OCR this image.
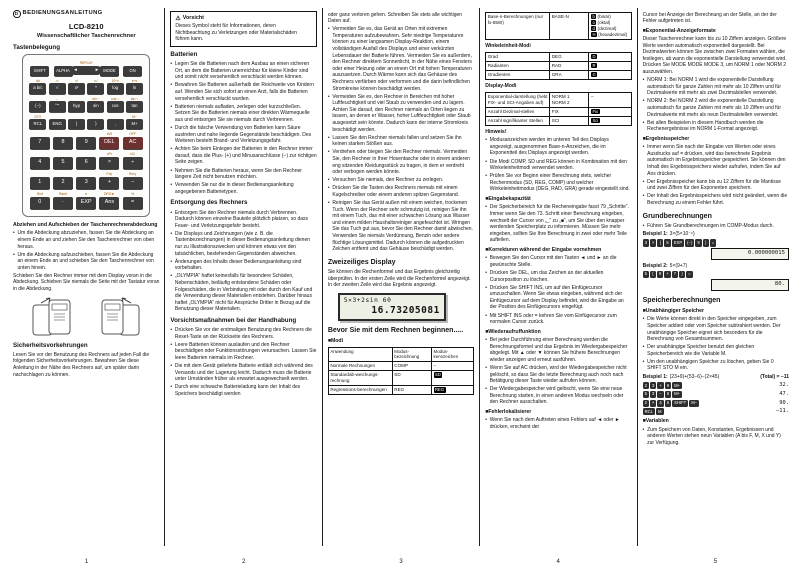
D BEDIENUNGSANLEITUNG
LCD-8210
Wissenschaftlicher Taschenrechner
Tastenbelegung
SHIFT	ALPHA
REPLAY
◄	► MODE	ON
d/c
a b/c
³√
√
x!
x²
x√
^
10^x
log
e^x
ln
(−)
←
°′″	hyp
sin⁻¹
sin
cos⁻¹
cos
tan⁻¹
tan
STO
RCL	ENG	(	)	,
M−
M+
7	8	9
INS
DEL
OFF
AC
4	5	6
nPr
×
nCr
÷
1	2	3
Pol(
+
Rec(
−
Rnd
0
Ran#
·
π
EXP
DRG►
Ans
%
=
Abziehen und Aufschieben der Taschenrechnerabdeckung
• Um die Abdeckung abzuziehen, fassen Sie die Abdeckung an einem Ende an und ziehen Sie den Taschenrechner von oben heraus.
• Um die Abdeckung aufzuschieben, fassen Sie die Abdeckung an einem Ende an und schieben Sie den Taschenrechner von unten hinein.
Schieben Sie den Rechner immer mit dem Display voran in die Abdeckung. Schieben Sie niemals die Seite mit der Tastatur voran in die Abdeckung.
Sicherheitsvorkehrungen
Lesen Sie vor der Benutzung des Rechners auf jeden Fall die folgenden Sicherheitsvorkehrungen. Bewahren Sie diese Anleitung in der Nähe des Rechners auf, um später darin nachschlagen zu können.
⚠ Vorsicht
Dieses Symbol steht für Informationen, deren Nichtbeachtung zu Verletzungen oder Materialschäden führen kann.
Batterien
• Legen Sie die Batterien nach dem Ausbau an einen sicheren Ort, an dem die Batterien unerreichbar für kleine Kinder sind und somit nicht versehentlich verschluckt werden können.
• Bewahren Sie Batterien außerhalb der Reichweite von Kindern auf. Wenden Sie sich sofort an einen Arzt, falls die Batterien versehentlich verschluckt wurden.
• Batterien niemals aufladen, zerlegen oder kurzschließen. Setzen Sie die Batterien niemals einer direkten Wärmequelle aus und entsorgen Sie sie niemals durch Verbrennen.
• Durch die falsche Verwendung von Batterien kann Säure austreten und nahe liegende Gegenstände beschädigen. Des Weiteren besteht Brand- und Verletzungsgefahr.
• Achten Sie beim Einlegen der Batterien in den Rechner immer darauf, dass die Plus- (+) und Minusanschlüsse (−) zur richtigen Seite zeigen.
• Nehmen Sie die Batterien heraus, wenn Sie den Rechner längere Zeit nicht benutzen möchten.
• Verwenden Sie nur die in dieser Bedienungsanleitung angegebenen Batterietypen.
Entsorgung des Rechners
• Entsorgen Sie den Rechner niemals durch Verbrennen. Dadurch können einzelne Bauteile plötzlich platzen, so dass Feuer- und Verletzungsgefahr besteht.
• Die Displays und Zeichnungen (wie z. B. die Tastenbezeichnungen) in dieser Bedienungsanleitung dienen nur zu Illustrationszwecken und können etwas von den tatsächlichen, bestehenden Gegenständen abweichen.
• Änderungen des Inhalts dieser Bedienungsanleitung sind vorbehalten.
• „OLYMPIA“ haftet keinesfalls für besondere Schäden, Nebenschäden, beiläufig entstandene Schäden oder Folgeschäden, die in Verbindung mit oder durch den Kauf und die Verwendung dieser Materialien entstehen. Darüber hinaus haftet „OLYMPIA“ nicht für Ansprüche Dritter in Bezug auf die Benutzung dieser Materialien.
Vorsichtsmaßnahmen bei der Handhabung
• Drücken Sie vor der erstmaligen Benutzung des Rechners die Reset-Taste an der Rückseite des Rechners.
• Leere Batterien können auslaufen und den Rechner beschädigen oder Funktionsstörungen verursachen. Lassen Sie leere Batterien niemals im Rechner.
• Die mit dem Gerät gelieferte Batterie entlädt sich während des Versands und der Lagerung leicht. Dadurch muss die Batterie unter Umständen früher als erwartet ausgewechselt werden.
• Durch eine schwache Batterieladung kann der Inhalt des Speichers beschädigt werden
oder ganz verloren gehen. Schreiben Sie stets alle wichtigen Daten auf.
• Vermeiden Sie es, das Gerät an Orten mit extremen Temperaturen aufzubewahren. Sehr niedrige Temperaturen können zu einer langsamen Display-Reaktion, einem vollständigen Ausfall des Displays und einer verkürzten Lebensdauer der Batterie führen. Vermeiden Sie es außerdem, den Rechner direktem Sonnenlicht, in der Nähe eines Fensters oder einer Heizung oder an einem Ort mit hohen Temperaturen auszusetzen. Durch Wärme kann sich das Gehäuse des Rechners verfärben oder verformen und die darin befindlichen Stromkreise können beschädigt werden.
• Vermeiden Sie es, den Rechner in Bereichen mit hoher Luftfeuchtigkeit und viel Staub zu verwenden und zu lagern. Achten Sie darauf, den Rechner niemals an Orten liegen zu lassen, an denen er Wasser, hoher Luftfeuchtigkeit oder Staub ausgesetzt sein könnte. Dadurch kann der interne Stromkreis beschädigt werden.
• Lassen Sie den Rechner niemals fallen und setzen Sie ihn keinen starken Stößen aus.
• Verdrehen oder biegen Sie den Rechner niemals. Vermeiden Sie, den Rechner in Ihrer Hosentasche oder in einem anderen eng sitzenden Kleidungsstück zu tragen, in dem er verdreht oder verbogen werden könnte.
• Versuchen Sie niemals, den Rechner zu zerlegen.
• Drücken Sie die Tasten des Rechners niemals mit einem Kugelschreiber oder einem anderen spitzen Gegenstand.
• Reinigen Sie das Gerät außen mit einem weichen, trockenen Tuch. Wenn der Rechner sehr schmutzig ist, reinigen Sie ihn mit einem Tuch, das mit einer schwachen Lösung aus Wasser und einem milden Haushaltsreiniger angefeuchtet ist. Wringen Sie das Tuch gut aus, bevor Sie den Rechner damit abwischen. Verwenden Sie niemals Verdünnung, Benzin oder andere flüchtige Lösungsmittel. Dadurch können die aufgedruckten Zeichen entfernt und das Gehäuse beschädigt werden.
Zweizeiliges Display
Sie können die Rechenformel und das Ergebnis gleichzeitig überprüfen. In der ersten Zeile wird die Rechenformel angezeigt. In der zweiten Zeile wird das Ergebnis angezeigt.
5×3+2sin 60
16.73205081
Bevor Sie mit dem Rechnen beginnen.....
■Modi
Anwendung	Modus-bezeichnung	Modus-kennzeichen
Normale Rechnungen	COMP	–
Standardab-weichungs-rechnung	SD	SD
Regressions-berechnungen	REG	REG
Base-n-Berechnungen (nur fx-85W)	BASE-N	b (binär)
o (oktal)
d (dezimal)
H (hexadezimal)
Winkeleinheit-Modi
Grad	DEG	D
Radianten	RAD	R
Gradienten	GRA	G
Display-Modi
Exponential-darstellung (hebt FIX- und SCI-Angaben auf)	NORM 1
NORM 2	–
Anzahl Dezimal-stellen	FIX	Fix
Anzahl signifikanter Stellen	SCI	Sci
Hinweis!
• Modusanzeichen werden im unteren Teil des Displays angezeigt, ausgenommen Base-n-Anzeichen, die im Exponentteil des Displays angezeigt werden.
• Die Modi COMP, SD und REG können in Kombination mit den Winkeleinheitmodi verwendet werden.
• Prüfen Sie vor Beginn einer Berechnung stets, welcher Rechenmodus (SD, REG, COMP) und welcher Winkeleinheitmodus (DEG, RAD, GRA) gerade eingestellt sind.
■Eingabekapazität
• Der Speicherbereich für die Recheneingabe fasst 79 „Schritte“. Immer wenn Sie den 73. Schritt einer Berechnung eingeben, wechselt der Cursor von „_“ zu „■“, um Sie über den knapper werdenden Speicherplatz zu informieren. Müssen Sie mehr eingeben, sollten Sie Ihre Berechnung in zwei oder mehr Teile aufteilen.
■Korrekturen während der Eingabe vornehmen
• Bewegen Sie den Cursor mit den Tasten ◄ und ► an die gewünschte Stelle.
• Drücken Sie DEL, um das Zeichen an der aktuellen Cursorposition zu löschen.
• Drücken Sie SHIFT INS, um auf den Einfügecursor umzuschalten. Wenn Sie etwas eingeben, während sich der Einfügecursor auf dem Display befindet, wird die Eingabe an der Position des Einfügecursors eingefügt.
• Mit SHIFT INS oder = kehren Sie vom Einfügecursor zum normalen Cursor zurück.
■Wiederaufruffunktion
• Bei jeder Durchführung einer Berechnung werden die Berechnungsformel und das Ergebnis im Wiedergabespeicher abgelegt. Mit ▲ oder ▼ können Sie frühere Berechnungen wieder anzeigen und erneut ausführen.
• Wenn Sie auf AC drücken, wird der Wiedergabespeicher nicht gelöscht, so dass Sie die letzte Berechnung auch noch nach Betätigung dieser Taste wieder aufrufen können.
• Der Wiedergabespeicher wird gelöscht, wenn Sie eine neue Berechnung starten, in einen anderen Modus wechseln oder den Rechner ausschalten.
■Fehlerlokalisierer
• Wenn Sie nach dem Auftreten eines Fehlers auf ◄ oder ► drücken, erscheint der
Cursor bei Anzeige der Berechnung an der Stelle, an der der Fehler aufgetreten ist.
■Exponential-Anzeigeformate
Dieser Taschenrechner kann bis zu 10 Ziffern anzeigen. Größere Werte werden automatisch exponentiell dargestellt. Bei Dezimalwerten können Sie zwischen zwei Formaten wählen, die festlegen, ab wann die exponentielle Darstellung verwendet wird. Drücken Sie MODE MODE MODE 3, um NORM 1 oder NORM 2 auszuwählen.
• NORM 1: Bei NORM 1 wird die exponentielle Darstellung automatisch für ganze Zahlen mit mehr als 10 Ziffern und für Dezimalwerte mit mehr als zwei Dezimalstellen verwendet.
• NORM 2: Bei NORM 2 wird die exponentielle Darstellung automatisch für ganze Zahlen mit mehr als 10 Ziffern und für Dezimalwerte mit mehr als neun Dezimalstellen verwendet.
• Bei allen Beispielen in diesem Handbuch werden die Rechenergebnisse im NORM 1-Format angezeigt.
■Ergebnisspeicher
• Immer wenn Sie nach der Eingabe von Werten oder eines Ausdrucks auf = drücken, wird das berechnete Ergebnis automatisch im Ergebnisspeicher gespeichert. Sie können den Inhalt des Ergebnisspeichers wieder aufrufen, indem Sie auf Ans drücken.
• Der Ergebnisspeicher kann bis zu 12 Ziffern für die Mantisse und zwei Ziffern für den Exponenten speichern.
• Der Inhalt des Ergebnisspeichers wird nicht geändert, wenn die Berechnung zu einem Fehler führt.
Grundberechnungen
• Führen Sie Grundberechnungen im COMP-Modus durch.
Beispiel 1: 3×(5×10⁻⁹)
3	×	(	5	EXP	(−)	9	)	=
0.000000015
Beispiel 2: 5×(9+7)
5	(	9	+	7	)	=
80.
Speicherberechnungen
■Unabhängiger Speicher
• Die Werte können direkt in den Speicher eingegeben, zum Speicher addiert oder vom Speicher subtrahiert werden. Der unabhängige Speicher eignet sich besonders für die Berechnung von Gesamtsummen.
• Der unabhängige Speicher benutzt den gleichen Speicherbereich wie die Variable M.
• Um den unabhängigen Speicher zu löschen, geben Sie 0 SHIFT STO M ein.
Beispiel 1: (23+9)+(53−6)−(2×45)	(Total) = −11
2	3	+	9	M+	32.
5	3	−	6	M+	47.
2	×	4	5	SHIFT	M−	90.
RCL	M	−11.
■Variablen
• Zum Speichern von Daten, Konstanten, Ergebnissen und anderen Werten stehen neun Variablen (A bis F, M, X und Y) zur Verfügung.
1	2	3	4	5
